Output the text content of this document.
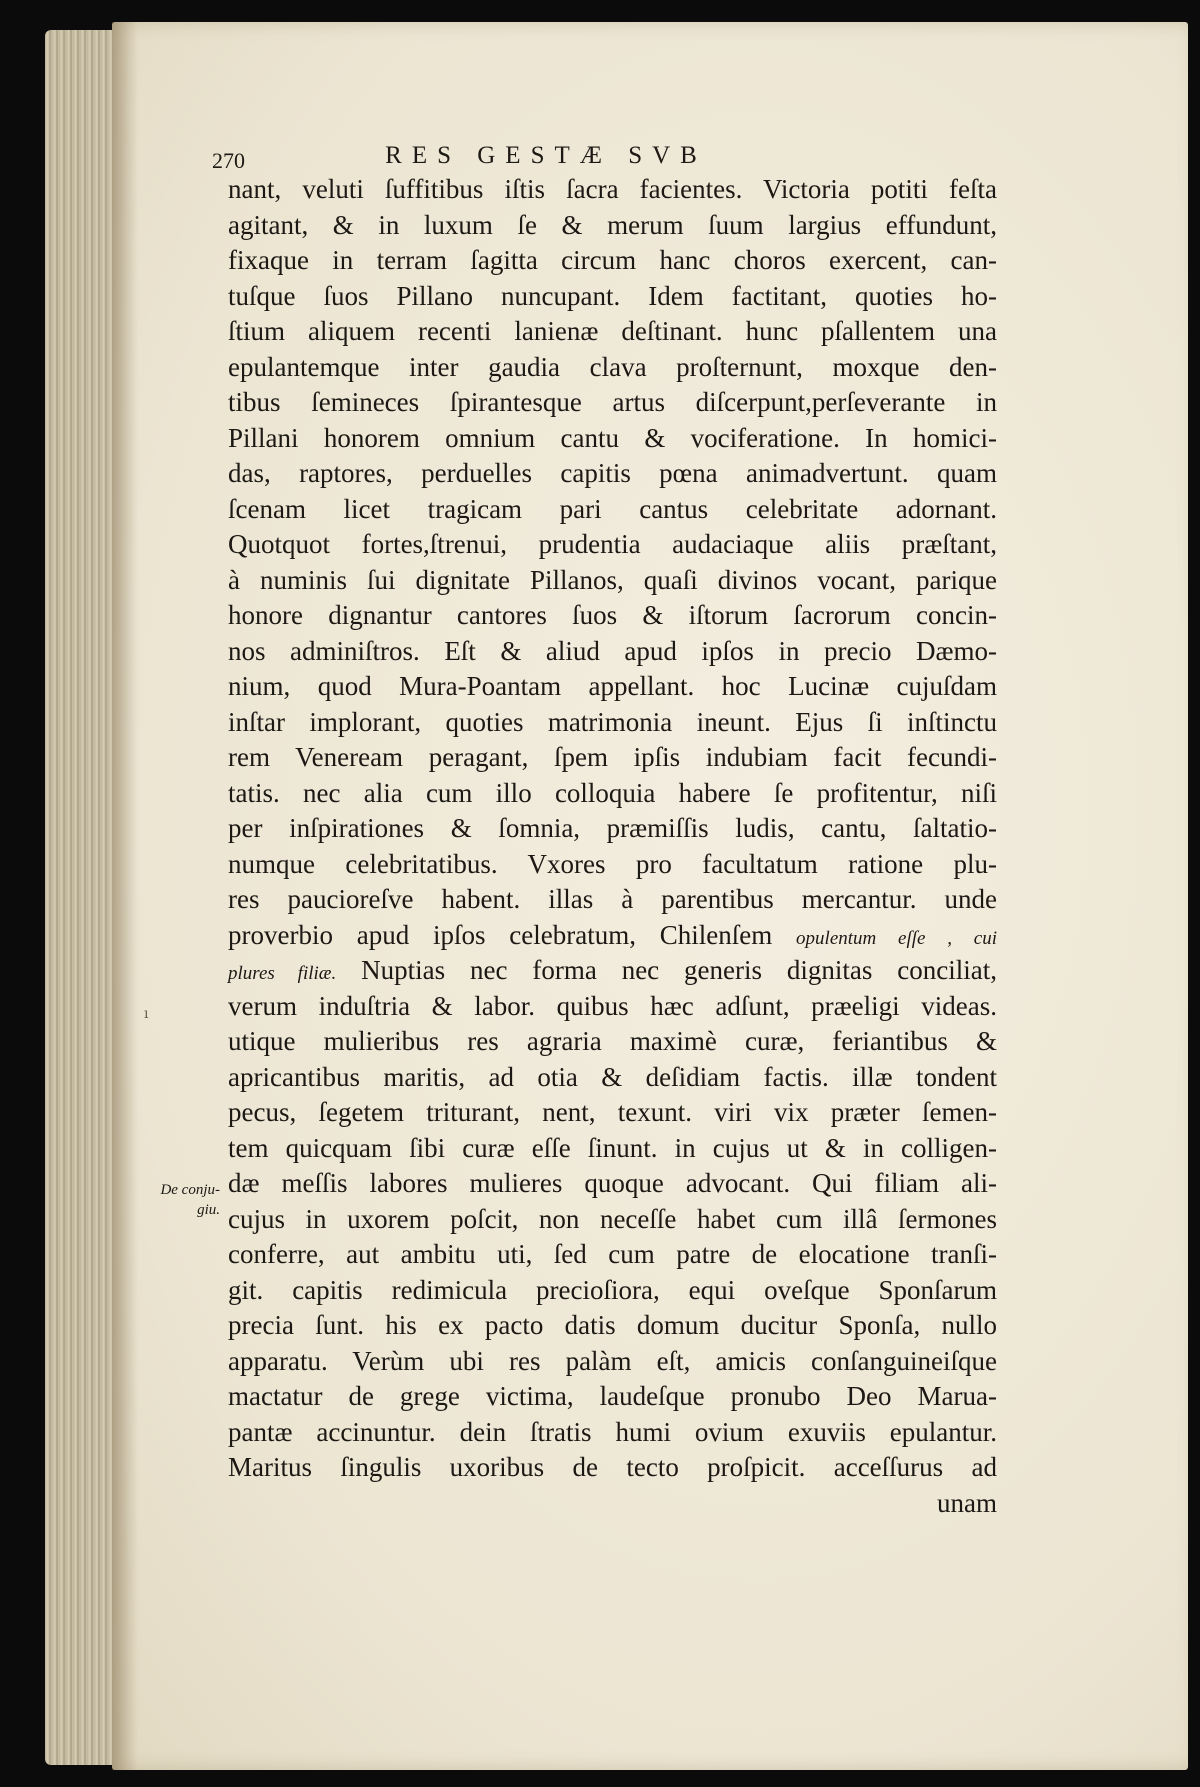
270	RES GESTÆ SVB
De conju-
giu.
ı
nant, veluti ſuffitibus iſtis ſacra facientes. Victoria potiti feſta
agitant, & in luxum ſe & merum ſuum largius effundunt,
fixaque in terram ſagitta circum hanc choros exercent, can-
tuſque ſuos Pillano nuncupant. Idem factitant, quoties ho-
ſtium aliquem recenti lanienæ deſtinant. hunc pſallentem una
epulantemque inter gaudia clava proſternunt, moxque den-
tibus ſemineces ſpirantesque artus diſcerpunt,perſeverante in
Pillani honorem omnium cantu & vociferatione. In homici-
das, raptores, perduelles capitis pœna animadvertunt. quam
ſcenam licet tragicam pari cantus celebritate adornant.
Quotquot fortes,ſtrenui, prudentia audaciaque aliis præſtant,
à numinis ſui dignitate Pillanos, quaſi divinos vocant, parique
honore dignantur cantores ſuos & iſtorum ſacrorum concin-
nos adminiſtros. Eſt & aliud apud ipſos in precio Dæmo-
nium, quod Mura-Poantam appellant. hoc Lucinæ cujuſdam
inſtar implorant, quoties matrimonia ineunt. Ejus ſi inſtinctu
rem Veneream peragant, ſpem ipſis indubiam facit fecundi-
tatis. nec alia cum illo colloquia habere ſe profitentur, niſi
per inſpirationes & ſomnia, præmiſſis ludis, cantu, ſaltatio-
numque celebritatibus. Vxores pro facultatum ratione plu-
res paucioreſve habent. illas à parentibus mercantur. unde
proverbio apud ipſos celebratum, Chilenſem opulentum eſſe , cui
plures filiæ. Nuptias nec forma nec generis dignitas conciliat,
verum induſtria & labor. quibus hæc adſunt, præeligi videas.
utique mulieribus res agraria maximè curæ, feriantibus &
apricantibus maritis, ad otia & deſidiam factis. illæ tondent
pecus, ſegetem triturant, nent, texunt. viri vix præter ſemen-
tem quicquam ſibi curæ eſſe ſinunt. in cujus ut & in colligen-
dæ meſſis labores mulieres quoque advocant. Qui filiam ali-
cujus in uxorem poſcit, non neceſſe habet cum illâ ſermones
conferre, aut ambitu uti, ſed cum patre de elocatione tranſi-
git. capitis redimicula precioſiora, equi oveſque Sponſarum
precia ſunt. his ex pacto datis domum ducitur Sponſa, nullo
apparatu. Verùm ubi res palàm eſt, amicis conſanguineiſque
mactatur de grege victima, laudeſque pronubo Deo Marua-
pantæ accinuntur. dein ſtratis humi ovium exuviis epulantur.
Maritus ſingulis uxoribus de tecto proſpicit. acceſſurus ad
unam
